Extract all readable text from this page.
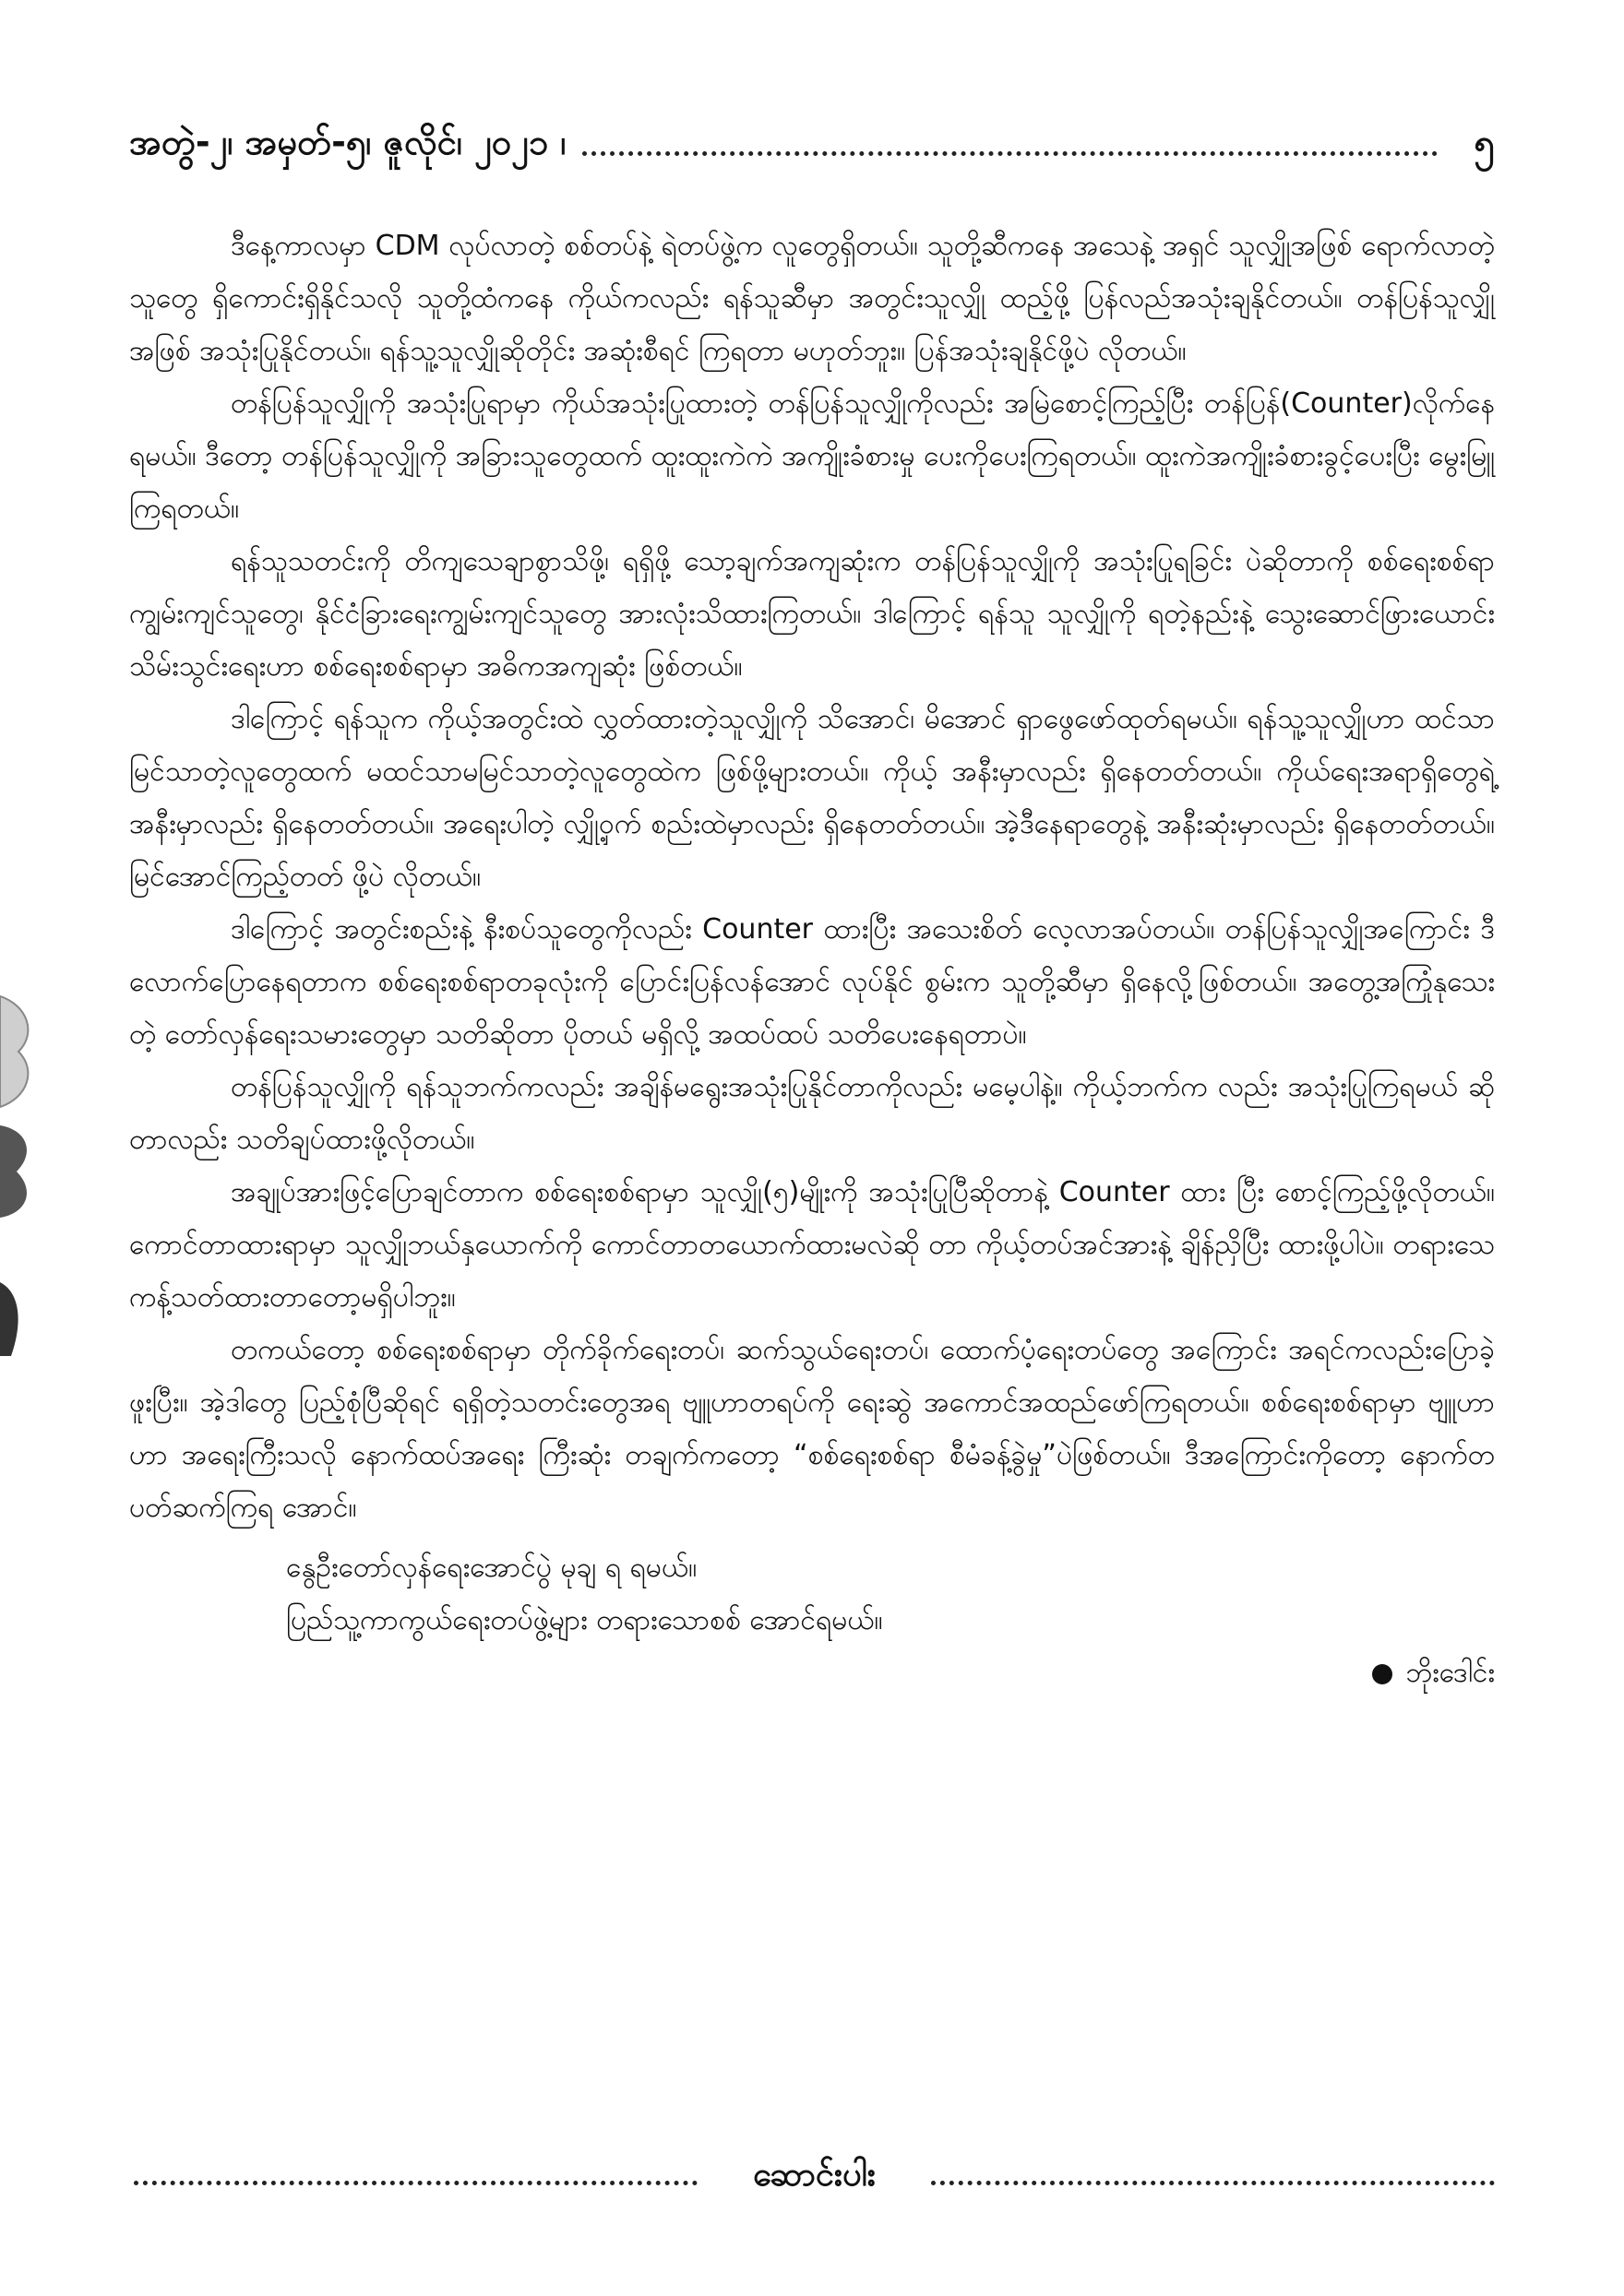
အတွဲ-၂၊ အမှတ်-၅၊ ဇူလိုင်၊ ၂၀၂၁ ၊	၅

ဒီနေ့ကာလမှာ CDM လုပ်လာတဲ့ စစ်တပ်နဲ့ ရဲတပ်ဖွဲ့က လူတွေရှိတယ်။ သူတို့ဆီကနေ အသေနဲ့ အရှင် သူလျှိုအဖြစ် ရောက်လာတဲ့သူတွေ ရှိကောင်းရှိနိုင်သလို သူတို့ထံကနေ ကိုယ်ကလည်း ရန်သူဆီမှာ အတွင်းသူလျှို ထည့်ဖို့ ပြန်လည်အသုံးချနိုင်တယ်။ တန်ပြန်သူလျှိုအဖြစ် အသုံးပြုနိုင်တယ်။ ရန်သူ့သူလျှိုဆိုတိုင်း အဆုံးစီရင် ကြရတာ မဟုတ်ဘူး။ ပြန်အသုံးချနိုင်ဖို့ပဲ လိုတယ်။

တန်ပြန်သူလျှိုကို အသုံးပြုရာမှာ ကိုယ်အသုံးပြုထားတဲ့ တန်ပြန်သူလျှိုကိုလည်း အမြဲစောင့်ကြည့်ပြီး တန်ပြန်(Counter)လိုက်နေရမယ်။ ဒီတော့ တန်ပြန်သူလျှိုကို အခြားသူတွေထက် ထူးထူးကဲကဲ အကျိုးခံစားမှု ပေးကိုပေးကြရတယ်။ ထူးကဲအကျိုးခံစားခွင့်ပေးပြီး မွေးမြူကြရတယ်။

ရန်သူသတင်းကို တိကျသေချာစွာသိဖို့၊ ရရှိဖို့ သော့ချက်အကျဆုံးက တန်ပြန်သူလျှိုကို အသုံးပြုရခြင်း ပဲဆိုတာကို စစ်ရေးစစ်ရာကျွမ်းကျင်သူတွေ၊ နိုင်ငံခြားရေးကျွမ်းကျင်သူတွေ အားလုံးသိထားကြတယ်။ ဒါကြောင့် ရန်သူ သူလျှိုကို ရတဲ့နည်းနဲ့ သွေးဆောင်ဖြားယောင်း သိမ်းသွင်းရေးဟာ စစ်ရေးစစ်ရာမှာ အဓိကအကျဆုံး ဖြစ်တယ်။

ဒါကြောင့် ရန်သူက ကိုယ့်အတွင်းထဲ လွှတ်ထားတဲ့သူလျှိုကို သိအောင်၊ မိအောင် ရှာဖွေဖော်ထုတ်ရမယ်။ ရန်သူ့သူလျှိုဟာ ထင်သာမြင်သာတဲ့လူတွေထက် မထင်သာမမြင်သာတဲ့လူတွေထဲက ဖြစ်ဖို့များတယ်။ ကိုယ့် အနီးမှာလည်း ရှိနေတတ်တယ်။ ကိုယ်ရေးအရာရှိတွေရဲ့ အနီးမှာလည်း ရှိနေတတ်တယ်။ အရေးပါတဲ့ လျှို့ဝှက် စည်းထဲမှာလည်း ရှိနေတတ်တယ်။ အဲ့ဒီနေရာတွေနဲ့ အနီးဆုံးမှာလည်း ရှိနေတတ်တယ်။ မြင်အောင်ကြည့်တတ် ဖို့ပဲ လိုတယ်။

ဒါကြောင့် အတွင်းစည်းနဲ့ နီးစပ်သူတွေကိုလည်း Counter ထားပြီး အသေးစိတ် လေ့လာအပ်တယ်။ တန်ပြန်သူလျှိုအကြောင်း ဒီလောက်ပြောနေရတာက စစ်ရေးစစ်ရာတခုလုံးကို ပြောင်းပြန်လန်အောင် လုပ်နိုင် စွမ်းက သူတို့ဆီမှာ ရှိနေလို့ဖြစ်တယ်။ အတွေ့အကြုံနုသေးတဲ့ တော်လှန်ရေးသမားတွေမှာ သတိဆိုတာ ပိုတယ် မရှိလို့ အထပ်ထပ် သတိပေးနေရတာပဲ။

တန်ပြန်သူလျှိုကို ရန်သူဘက်ကလည်း အချိန်မရွေးအသုံးပြုနိုင်တာကိုလည်း မမေ့ပါနဲ့။ ကိုယ့်ဘက်က လည်း အသုံးပြုကြရမယ် ဆိုတာလည်း သတိချပ်ထားဖို့လိုတယ်။

အချုပ်အားဖြင့်ပြောချင်တာက စစ်ရေးစစ်ရာမှာ သူလျှို(၅)မျိုးကို အသုံးပြုပြီဆိုတာနဲ့ Counter ထား ပြီး စောင့်ကြည့်ဖို့လိုတယ်။ ကောင်တာထားရာမှာ သူလျှိုဘယ်နှယောက်ကို ကောင်တာတယောက်ထားမလဲဆို တာ ကိုယ့်တပ်အင်အားနဲ့ ချိန်ညှိပြီး ထားဖို့ပါပဲ။ တရားသေကန့်သတ်ထားတာတော့မရှိပါဘူး။

တကယ်တော့ စစ်ရေးစစ်ရာမှာ တိုက်ခိုက်ရေးတပ်၊ ဆက်သွယ်ရေးတပ်၊ ထောက်ပံ့ရေးတပ်တွေ အကြောင်း အရင်ကလည်းပြောခဲ့ဖူးပြီး။ အဲ့ဒါတွေ ပြည့်စုံပြီဆိုရင် ရရှိတဲ့သတင်းတွေအရ ဗျူဟာတရပ်ကို ရေးဆွဲ အကောင်အထည်ဖော်ကြရတယ်။ စစ်ရေးစစ်ရာမှာ ဗျူဟာဟာ အရေးကြီးသလို နောက်ထပ်အရေး ကြီးဆုံး တချက်ကတော့ “စစ်ရေးစစ်ရာ စီမံခန့်ခွဲမှု”ပဲဖြစ်တယ်။ ဒီအကြောင်းကိုတော့ နောက်တပတ်ဆက်ကြရ အောင်။

နွေဦးတော်လှန်ရေးအောင်ပွဲ မုချ ရ ရမယ်။
ပြည်သူ့ကာကွယ်ရေးတပ်ဖွဲ့များ တရားသောစစ် အောင်ရမယ်။
ဘိုးဒေါင်း
ဆောင်းပါး
